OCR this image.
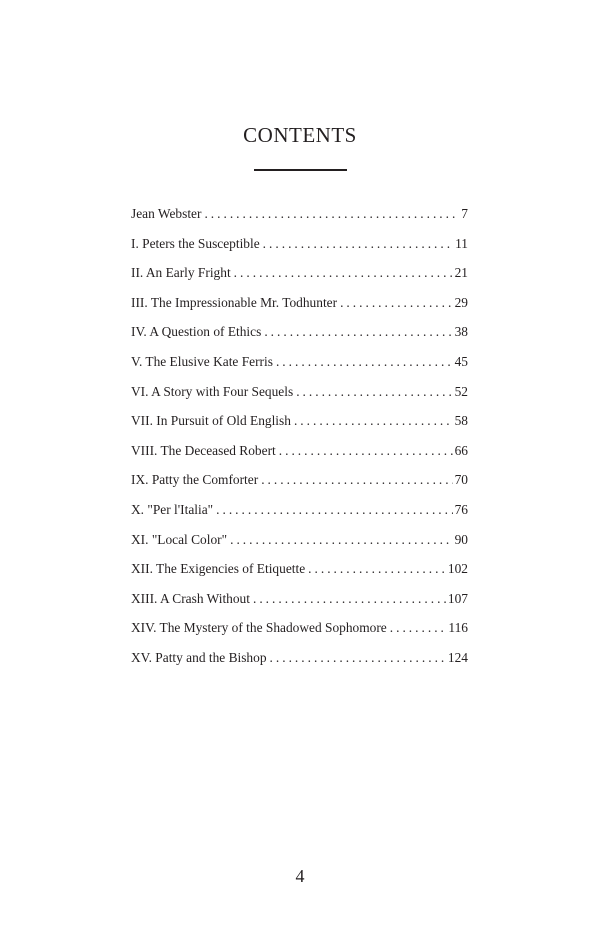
CONTENTS
Jean Webster .....	7
I. Peters the Susceptible .....	11
II. An Early Fright .....	21
III. The Impressionable Mr. Todhunter .....	29
IV. A Question of Ethics .....	38
V. The Elusive Kate Ferris .....	45
VI. A Story with Four Sequels .....	52
VII. In Pursuit of Old English .....	58
VIII. The Deceased Robert .....	66
IX. Patty the Comforter .....	70
X. "Per l'Italia" .....	76
XI. "Local Color" .....	90
XII. The Exigencies of Etiquette .....	102
XIII. A Crash Without .....	107
XIV. The Mystery of the Shadowed Sophomore .....	116
XV. Patty and the Bishop .....	124
4
